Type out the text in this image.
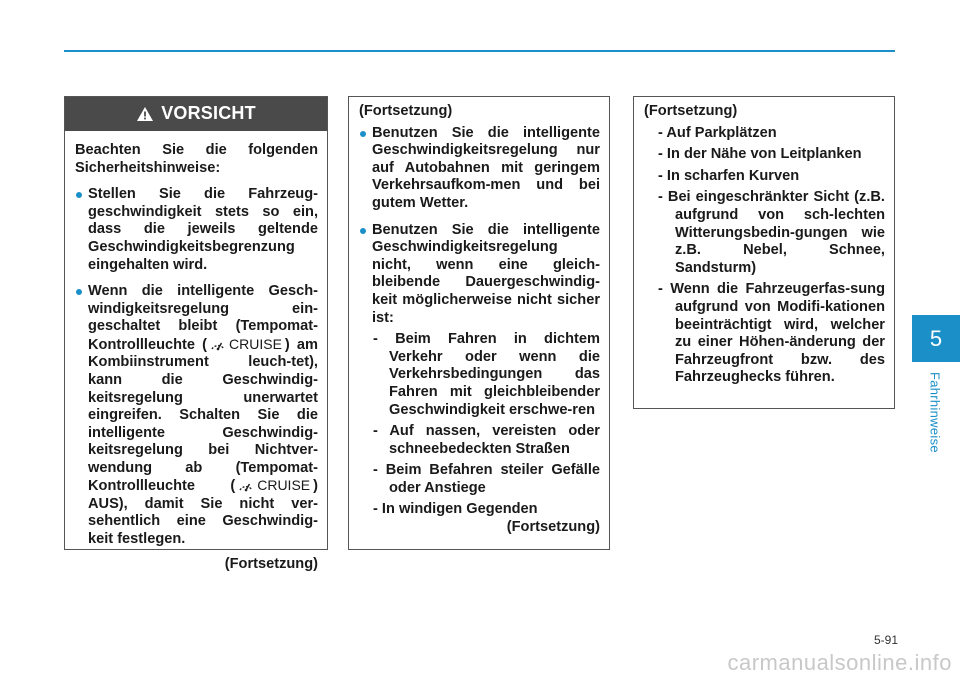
VORSICHT

Beachten Sie die folgenden Sicherheitshinweise:

Stellen Sie die Fahrzeug-geschwindigkeit stets so ein, dass die jeweils geltende Geschwindigkeitsbegrenzung eingehalten wird.

Wenn die intelligente Gesch-windigkeitsregelung ein-geschaltet bleibt (Tempomat-Kontrollleuchte ( CRUISE ) am Kombiinstrument leuch-tet), kann die Geschwindig-keitsregelung unerwartet eingreifen. Schalten Sie die intelligente Geschwindig-keitsregelung bei Nichtver-wendung ab (Tempomat-Kontrollleuchte ( CRUISE ) AUS), damit Sie nicht ver-sehentlich eine Geschwindig-keit festlegen.

(Fortsetzung)

(Fortsetzung)

Benutzen Sie die intelligente Geschwindigkeitsregelung nur auf Autobahnen mit geringem Verkehrsaufkom-men und bei gutem Wetter.

Benutzen Sie die intelligente Geschwindigkeitsregelung nicht, wenn eine gleich-bleibende Dauergeschwindig-keit möglicherweise nicht sicher ist:

- Beim Fahren in dichtem Verkehr oder wenn die Verkehrsbedingungen das Fahren mit gleichbleibender Geschwindigkeit erschwe-ren

- Auf nassen, vereisten oder schneebedeckten Straßen

- Beim Befahren steiler Gefälle oder Anstiege

- In windigen Gegenden

(Fortsetzung)

(Fortsetzung)

- Auf Parkplätzen

- In der Nähe von Leitplanken

- In scharfen Kurven

- Bei eingeschränkter Sicht (z.B. aufgrund von sch-lechten Witterungsbedin-gungen wie z.B. Nebel, Schnee, Sandsturm)

- Wenn die Fahrzeugerfas-sung aufgrund von Modifi-kationen beeinträchtigt wird, welcher zu einer Höhen-änderung der Fahrzeugfront bzw. des Fahrzeughecks führen.

5
Fahrhinweise
5-91
carmanualsonline.info
